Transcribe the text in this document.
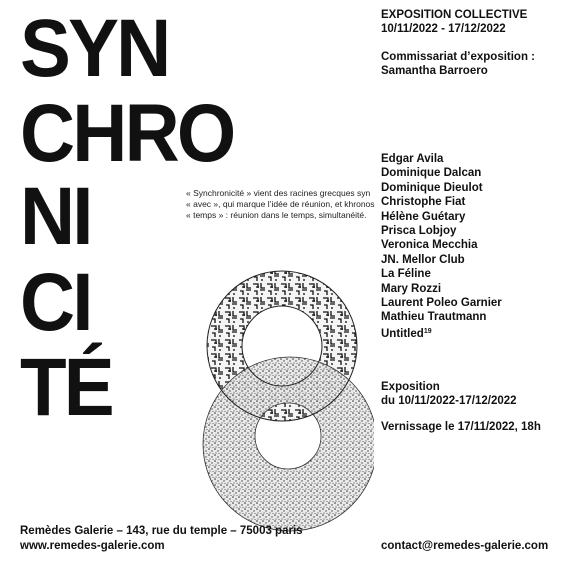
SYN
CHRO
NI
CI
TÉ
« Synchronicité » vient des racines grecques syn
« avec », qui marque l’idée de réunion, et khronos
« temps » : réunion dans le temps, simultanéité.
EXPOSITION COLLECTIVE
10/11/2022 - 17/12/2022
Commissariat d’exposition :
Samantha Barroero
Edgar Avila
Dominique Dalcan
Dominique Dieulot
Christophe Fiat
Hélène Guétary
Prisca Lobjoy
Veronica Mecchia
JN. Mellor Club
La Féline
Mary Rozzi
Laurent Poleo Garnier
Mathieu Trautmann
Untitled$^{19}$
Exposition
du 10/11/2022-17/12/2022
Vernissage le 17/11/2022, 18h
Remèdes Galerie – 143, rue du temple – 75003 paris
www.remedes-galerie.com	contact@remedes-galerie.com
